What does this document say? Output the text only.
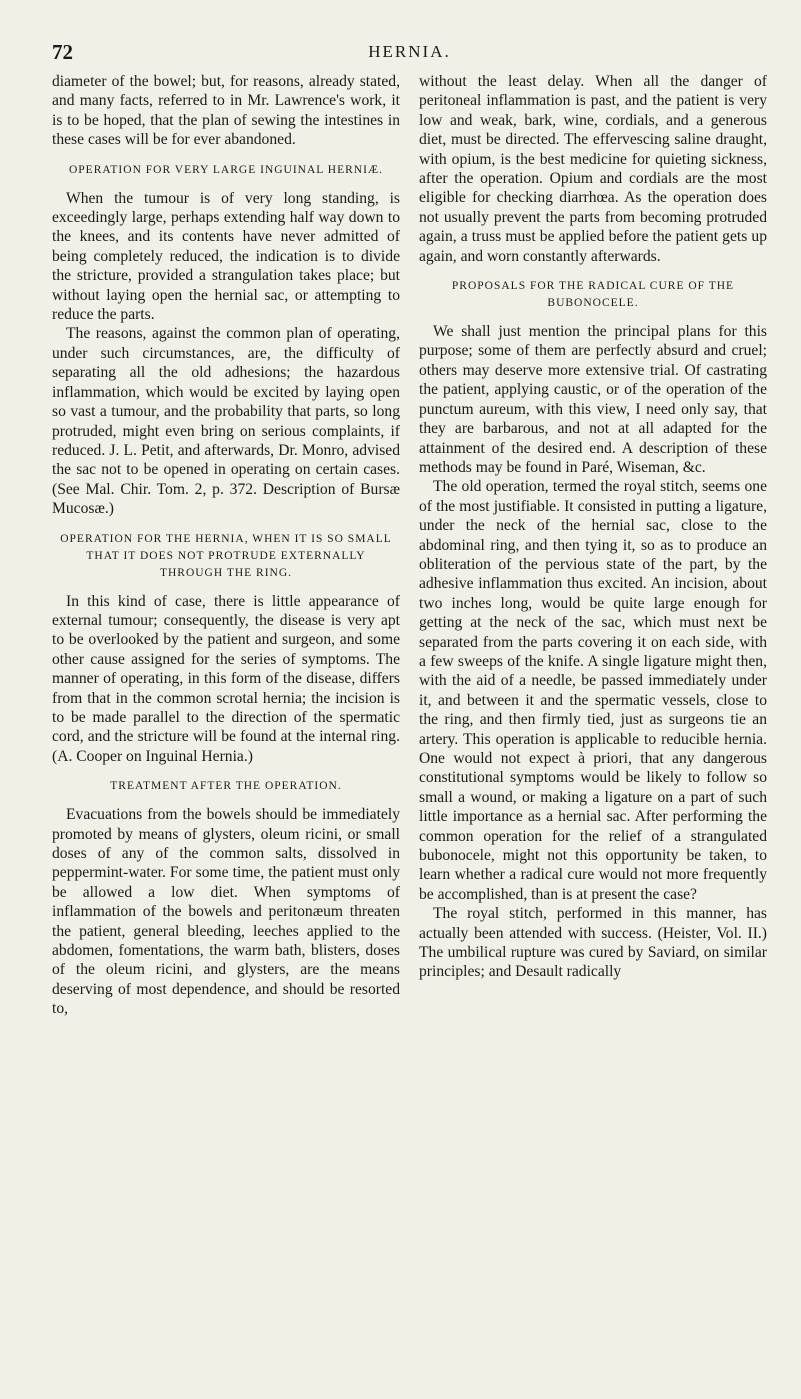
72	HERNIA.

diameter of the bowel; but, for reasons, already stated, and many facts, referred to in Mr. Lawrence's work, it is to be hoped, that the plan of sewing the intestines in these cases will be for ever abandoned.

OPERATION FOR VERY LARGE INGUINAL HERNIÆ.

When the tumour is of very long standing, is exceedingly large, perhaps extending half way down to the knees, and its contents have never admitted of being completely reduced, the indication is to divide the stricture, provided a strangulation takes place; but without laying open the hernial sac, or attempting to reduce the parts.

The reasons, against the common plan of operating, under such circumstances, are, the difficulty of separating all the old adhesions; the hazardous inflammation, which would be excited by laying open so vast a tumour, and the probability that parts, so long protruded, might even bring on serious complaints, if reduced. J. L. Petit, and afterwards, Dr. Monro, advised the sac not to be opened in operating on certain cases. (See Mal. Chir. Tom. 2, p. 372. Description of Bursæ Mucosæ.)

OPERATION FOR THE HERNIA, WHEN IT IS SO SMALL THAT IT DOES NOT PROTRUDE EXTERNALLY THROUGH THE RING.

In this kind of case, there is little appearance of external tumour; consequently, the disease is very apt to be overlooked by the patient and surgeon, and some other cause assigned for the series of symptoms. The manner of operating, in this form of the disease, differs from that in the common scrotal hernia; the incision is to be made parallel to the direction of the spermatic cord, and the stricture will be found at the internal ring. (A. Cooper on Inguinal Hernia.)

TREATMENT AFTER THE OPERATION.

Evacuations from the bowels should be immediately promoted by means of glysters, oleum ricini, or small doses of any of the common salts, dissolved in peppermint-water. For some time, the patient must only be allowed a low diet. When symptoms of inflammation of the bowels and peritonæum threaten the patient, general bleeding, leeches applied to the abdomen, fomentations, the warm bath, blisters, doses of the oleum ricini, and glysters, are the means deserving of most dependence, and should be resorted to,

without the least delay. When all the danger of peritoneal inflammation is past, and the patient is very low and weak, bark, wine, cordials, and a generous diet, must be directed. The effervescing saline draught, with opium, is the best medicine for quieting sickness, after the operation. Opium and cordials are the most eligible for checking diarrhœa. As the operation does not usually prevent the parts from becoming protruded again, a truss must be applied before the patient gets up again, and worn constantly afterwards.

PROPOSALS FOR THE RADICAL CURE OF THE BUBONOCELE.

We shall just mention the principal plans for this purpose; some of them are perfectly absurd and cruel; others may deserve more extensive trial. Of castrating the patient, applying caustic, or of the operation of the punctum aureum, with this view, I need only say, that they are barbarous, and not at all adapted for the attainment of the desired end. A description of these methods may be found in Paré, Wiseman, &c.

The old operation, termed the royal stitch, seems one of the most justifiable. It consisted in putting a ligature, under the neck of the hernial sac, close to the abdominal ring, and then tying it, so as to produce an obliteration of the pervious state of the part, by the adhesive inflammation thus excited. An incision, about two inches long, would be quite large enough for getting at the neck of the sac, which must next be separated from the parts covering it on each side, with a few sweeps of the knife. A single ligature might then, with the aid of a needle, be passed immediately under it, and between it and the spermatic vessels, close to the ring, and then firmly tied, just as surgeons tie an artery. This operation is applicable to reducible hernia. One would not expect à priori, that any dangerous constitutional symptoms would be likely to follow so small a wound, or making a ligature on a part of such little importance as a hernial sac. After performing the common operation for the relief of a strangulated bubonocele, might not this opportunity be taken, to learn whether a radical cure would not more frequently be accomplished, than is at present the case?

The royal stitch, performed in this manner, has actually been attended with success. (Heister, Vol. II.) The umbilical rupture was cured by Saviard, on similar principles; and Desault radically
